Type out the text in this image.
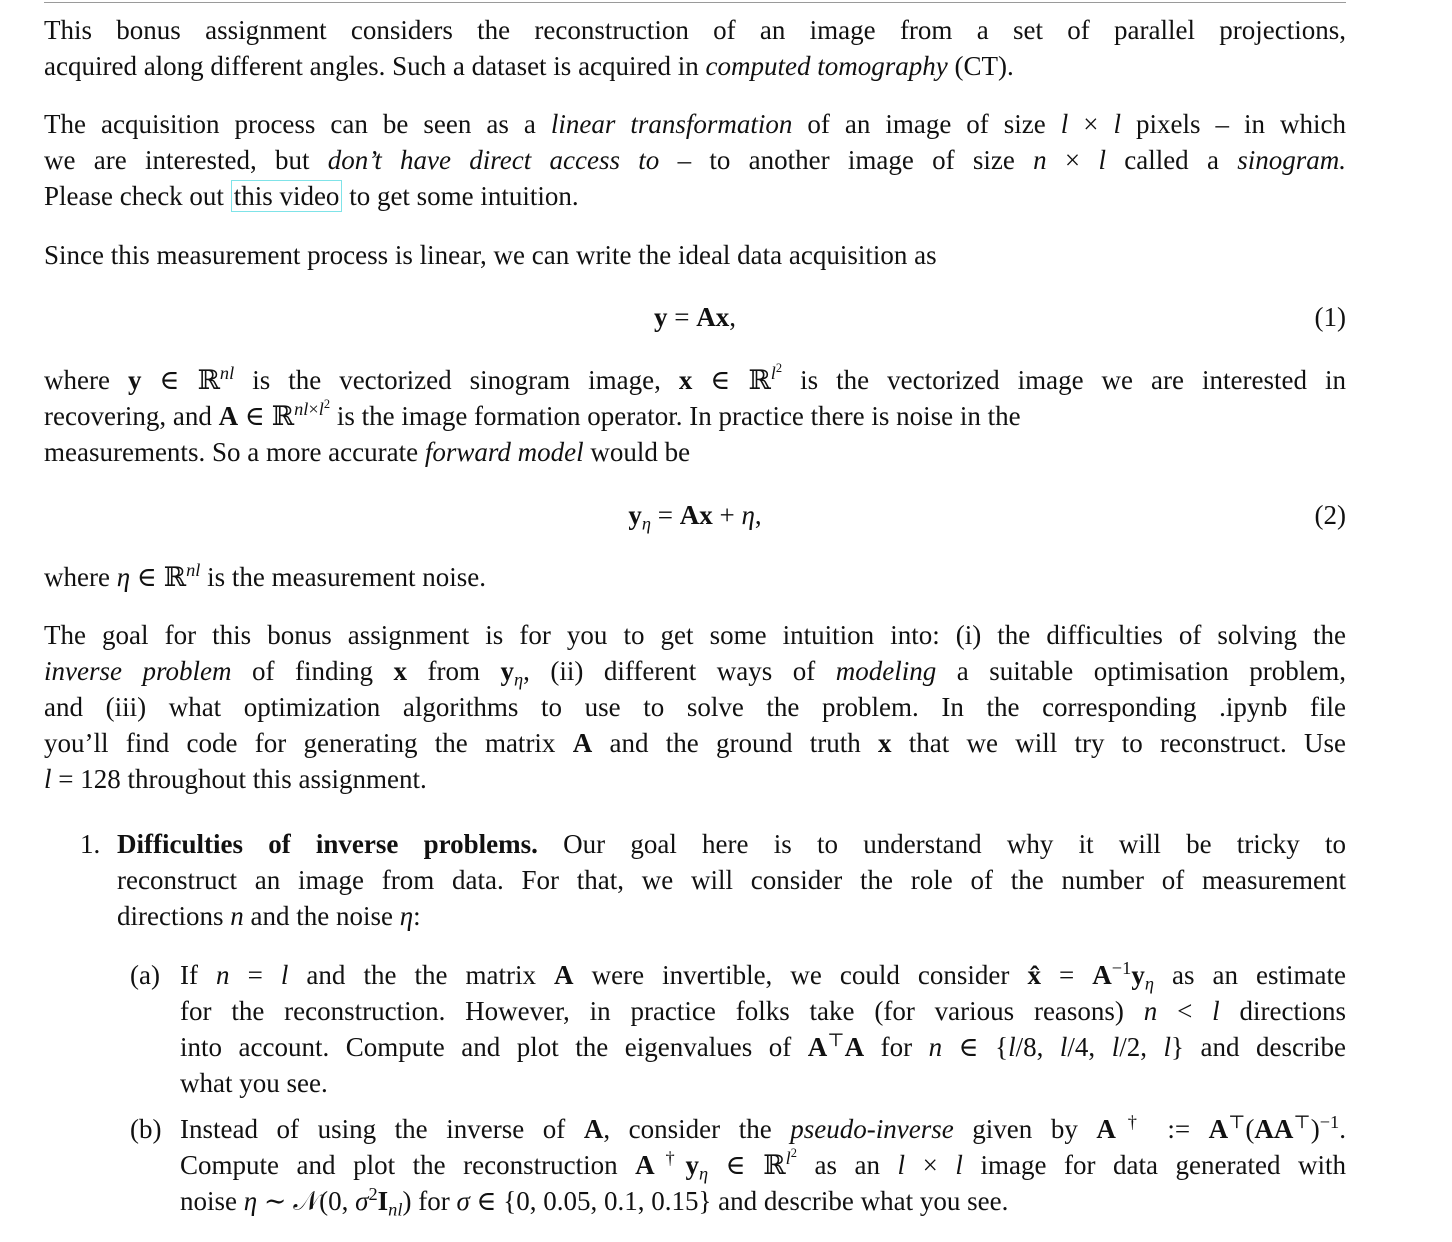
This bonus assignment considers the reconstruction of an image from a set of parallel projections,
acquired along different angles. Such a dataset is acquired in computed tomography (CT).
The acquisition process can be seen as a linear transformation of an image of size l × l pixels – in which
we are interested, but don’t have direct access to – to another image of size n × l called a sinogram.
Please check out this video to get some intuition.
Since this measurement process is linear, we can write the ideal data acquisition as
y = Ax,	(1)
where y ∈ ℝ$^{nl}$ is the vectorized sinogram image, x ∈ ℝ$^{l^2}$ is the vectorized image we are interested in
recovering, and A ∈ ℝ$^{nl\times l^2}$ is the image formation operator. In practice there is noise in the
measurements. So a more accurate forward model would be
$y_\eta = Ax + \eta$,	(2)
where η ∈ ℝ$^{nl}$ is the measurement noise.
The goal for this bonus assignment is for you to get some intuition into: (i) the difficulties of solving the
inverse problem of finding x from $y_\eta$, (ii) different ways of modeling a suitable optimisation problem,
and (iii) what optimization algorithms to use to solve the problem. In the corresponding .ipynb file
you’ll find code for generating the matrix A and the ground truth x that we will try to reconstruct. Use
l = 128 throughout this assignment.
1. Difficulties of inverse problems. Our goal here is to understand why it will be tricky to
reconstruct an image from data. For that, we will consider the role of the number of measurement
directions n and the noise η:
(a) If n = l and the the matrix A were invertible, we could consider x̂ = $A^{-1}y_\eta$ as an estimate
for the reconstruction. However, in practice folks take (for various reasons) n < l directions
into account. Compute and plot the eigenvalues of A⊤A for n ∈ {l/8, l/4, l/2, l} and describe
what you see.
(b) Instead of using the inverse of A, consider the pseudo-inverse given by A† := $A^⊤(AA^⊤)^{-1}$.
Compute and plot the reconstruction $A^\dagger y_\eta$ ∈ ℝ$^{l^2}$ as an l × l image for data generated with
noise η ∼ 𝒩(0, $\sigma^2I_{nl}$) for σ ∈ {0, 0.05, 0.1, 0.15} and describe what you see.
